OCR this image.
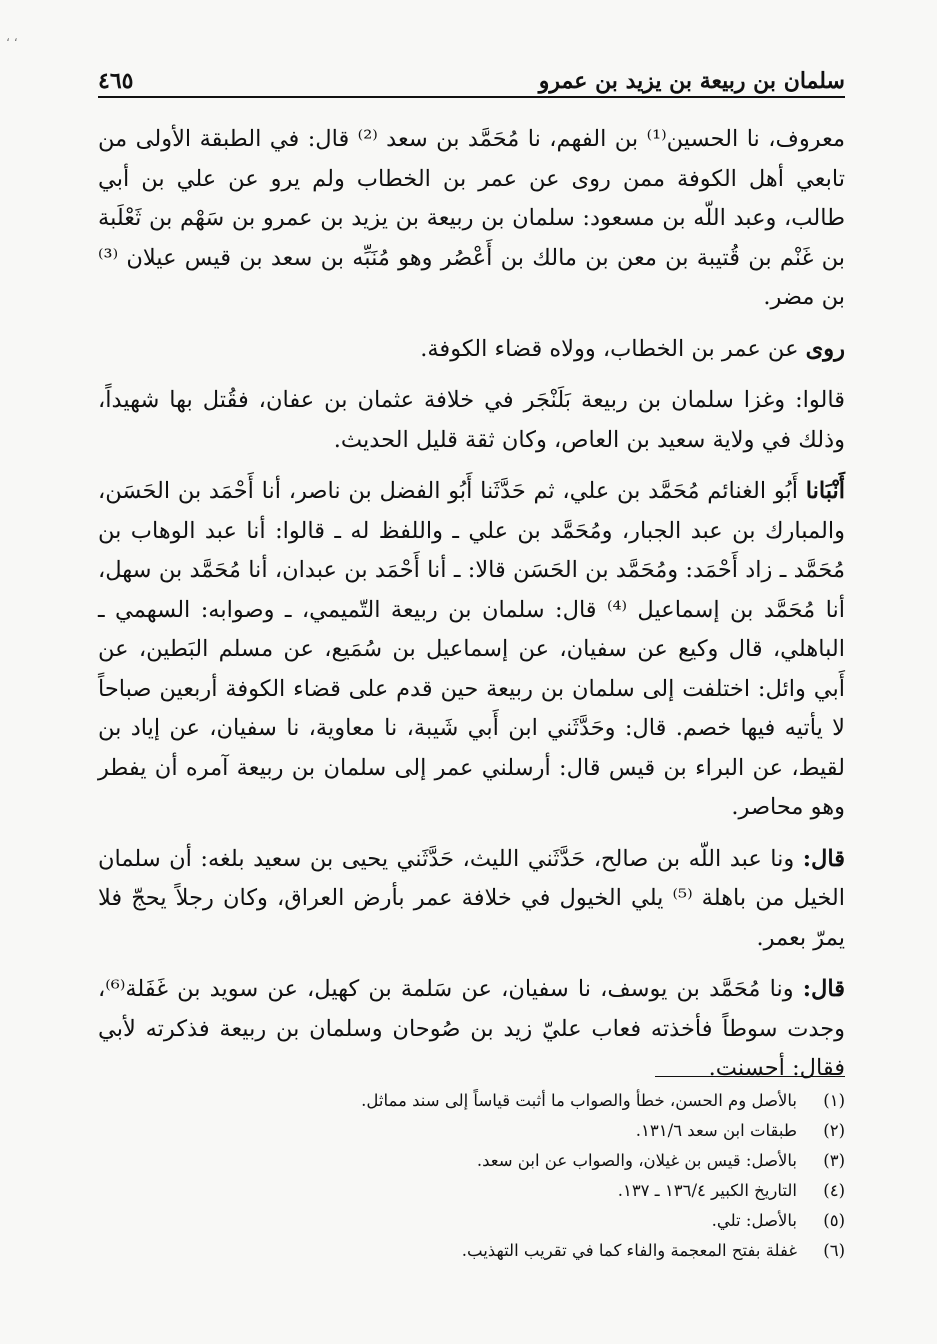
، ،
سلمان بن ربيعة بن يزيد بن عمرو
٤٦٥

معروف، نا الحسين⁽¹⁾ بن الفهم، نا مُحَمَّد بن سعد ⁽²⁾ قال: في الطبقة الأولى من تابعي أهل الكوفة ممن روى عن عمر بن الخطاب ولم يرو عن علي بن أبي طالب، وعبد اللّه بن مسعود: سلمان بن ربيعة بن يزيد بن عمرو بن سَهْم بن ثَعْلَبة بن غَنْم بن قُتيبة بن معن بن مالك بن أَعْصُر وهو مُنَبِّه بن سعد بن قيس عيلان ⁽³⁾ بن مضر.

روى عن عمر بن الخطاب، وولاه قضاء الكوفة.

قالوا: وغزا سلمان بن ربيعة بَلَنْجَر في خلافة عثمان بن عفان، فقُتل بها شهيداً، وذلك في ولاية سعيد بن العاص، وكان ثقة قليل الحديث.

أَنْبَانا أَبُو الغنائم مُحَمَّد بن علي، ثم حَدَّثَنا أَبُو الفضل بن ناصر، أنا أَحْمَد بن الحَسَن، والمبارك بن عبد الجبار، ومُحَمَّد بن علي ـ واللفظ له ـ قالوا: أنا عبد الوهاب بن مُحَمَّد ـ زاد أَحْمَد: ومُحَمَّد بن الحَسَن قالا: ـ أنا أَحْمَد بن عبدان، أنا مُحَمَّد بن سهل، أنا مُحَمَّد بن إسماعيل ⁽⁴⁾ قال: سلمان بن ربيعة التّميمي، ـ وصوابه: السهمي ـ الباهلي، قال وكيع عن سفيان، عن إسماعيل بن سُمَيع، عن مسلم البَطين، عن أَبي وائل: اختلفت إلى سلمان بن ربيعة حين قدم على قضاء الكوفة أربعين صباحاً لا يأتيه فيها خصم. قال: وحَدَّثَني ابن أَبي شَيبة، نا معاوية، نا سفيان، عن إياد بن لقيط، عن البراء بن قيس قال: أرسلني عمر إلى سلمان بن ربيعة آمره أن يفطر وهو محاصر.

قال: ونا عبد اللّه بن صالح، حَدَّثَني الليث، حَدَّثَني يحيى بن سعيد بلغه: أن سلمان الخيل من باهلة ⁽⁵⁾ يلي الخيول في خلافة عمر بأرض العراق، وكان رجلاً يحجّ فلا يمرّ بعمر.

قال: ونا مُحَمَّد بن يوسف، نا سفيان، عن سَلمة بن كهيل، عن سويد بن غَفَلة⁽⁶⁾، وجدت سوطاً فأخذته فعاب عليّ زيد بن صُوحان وسلمان بن ربيعة فذكرته لأبي فقال: أحسنت.

(١)
بالأصل وم الحسن، خطأ والصواب ما أثبت قياساً إلى سند مماثل.
(٢)
طبقات ابن سعد ١٣١/٦.
(٣)
بالأصل: قيس بن غيلان، والصواب عن ابن سعد.
(٤)
التاريخ الكبير ١٣٦/٤ ـ ١٣٧.
(٥)
بالأصل: تلي.
(٦)
غفلة بفتح المعجمة والفاء كما في تقريب التهذيب.
